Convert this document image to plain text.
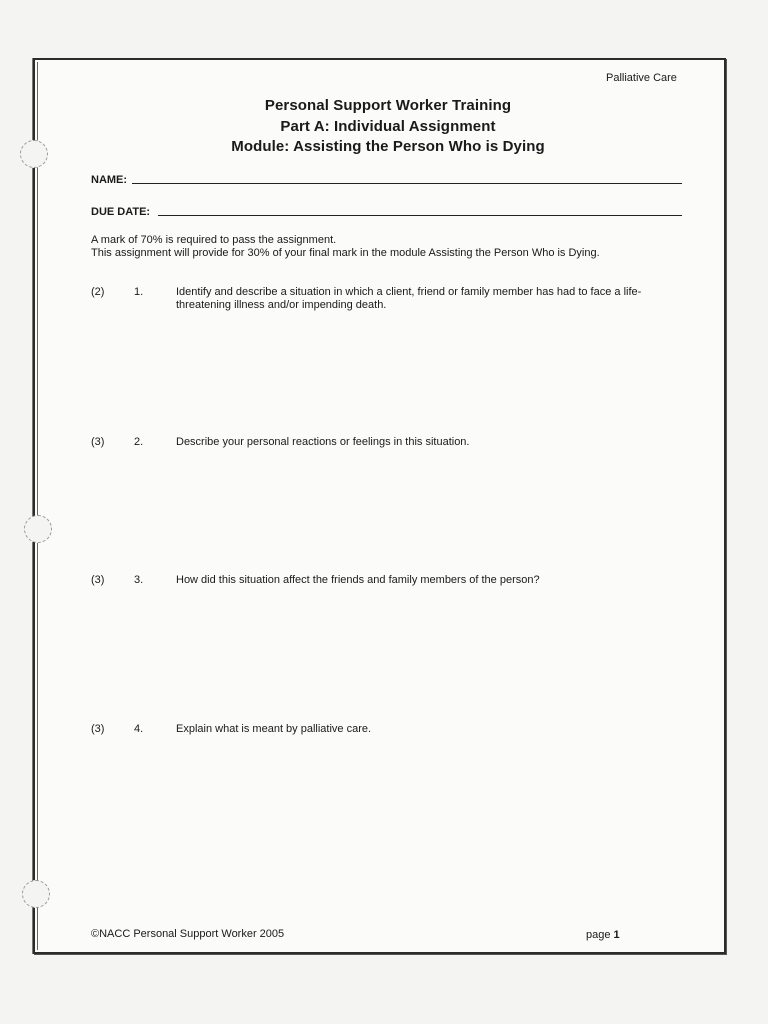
Palliative Care
Personal Support Worker Training
Part A: Individual Assignment
Module: Assisting the Person Who is Dying
NAME:
DUE DATE:
A mark of 70% is required to pass the assignment.
This assignment will provide for 30% of your final mark in the module Assisting the Person Who is Dying.
(2)	1.	Identify and describe a situation in which a client, friend or family member has had to face a life-threatening illness and/or impending death.
(3)	2.	Describe your personal reactions or feelings in this situation.
(3)	3.	How did this situation affect the friends and family members of the person?
(3)	4.	Explain what is meant by palliative care.
©NACC Personal Support Worker 2005	page 1
